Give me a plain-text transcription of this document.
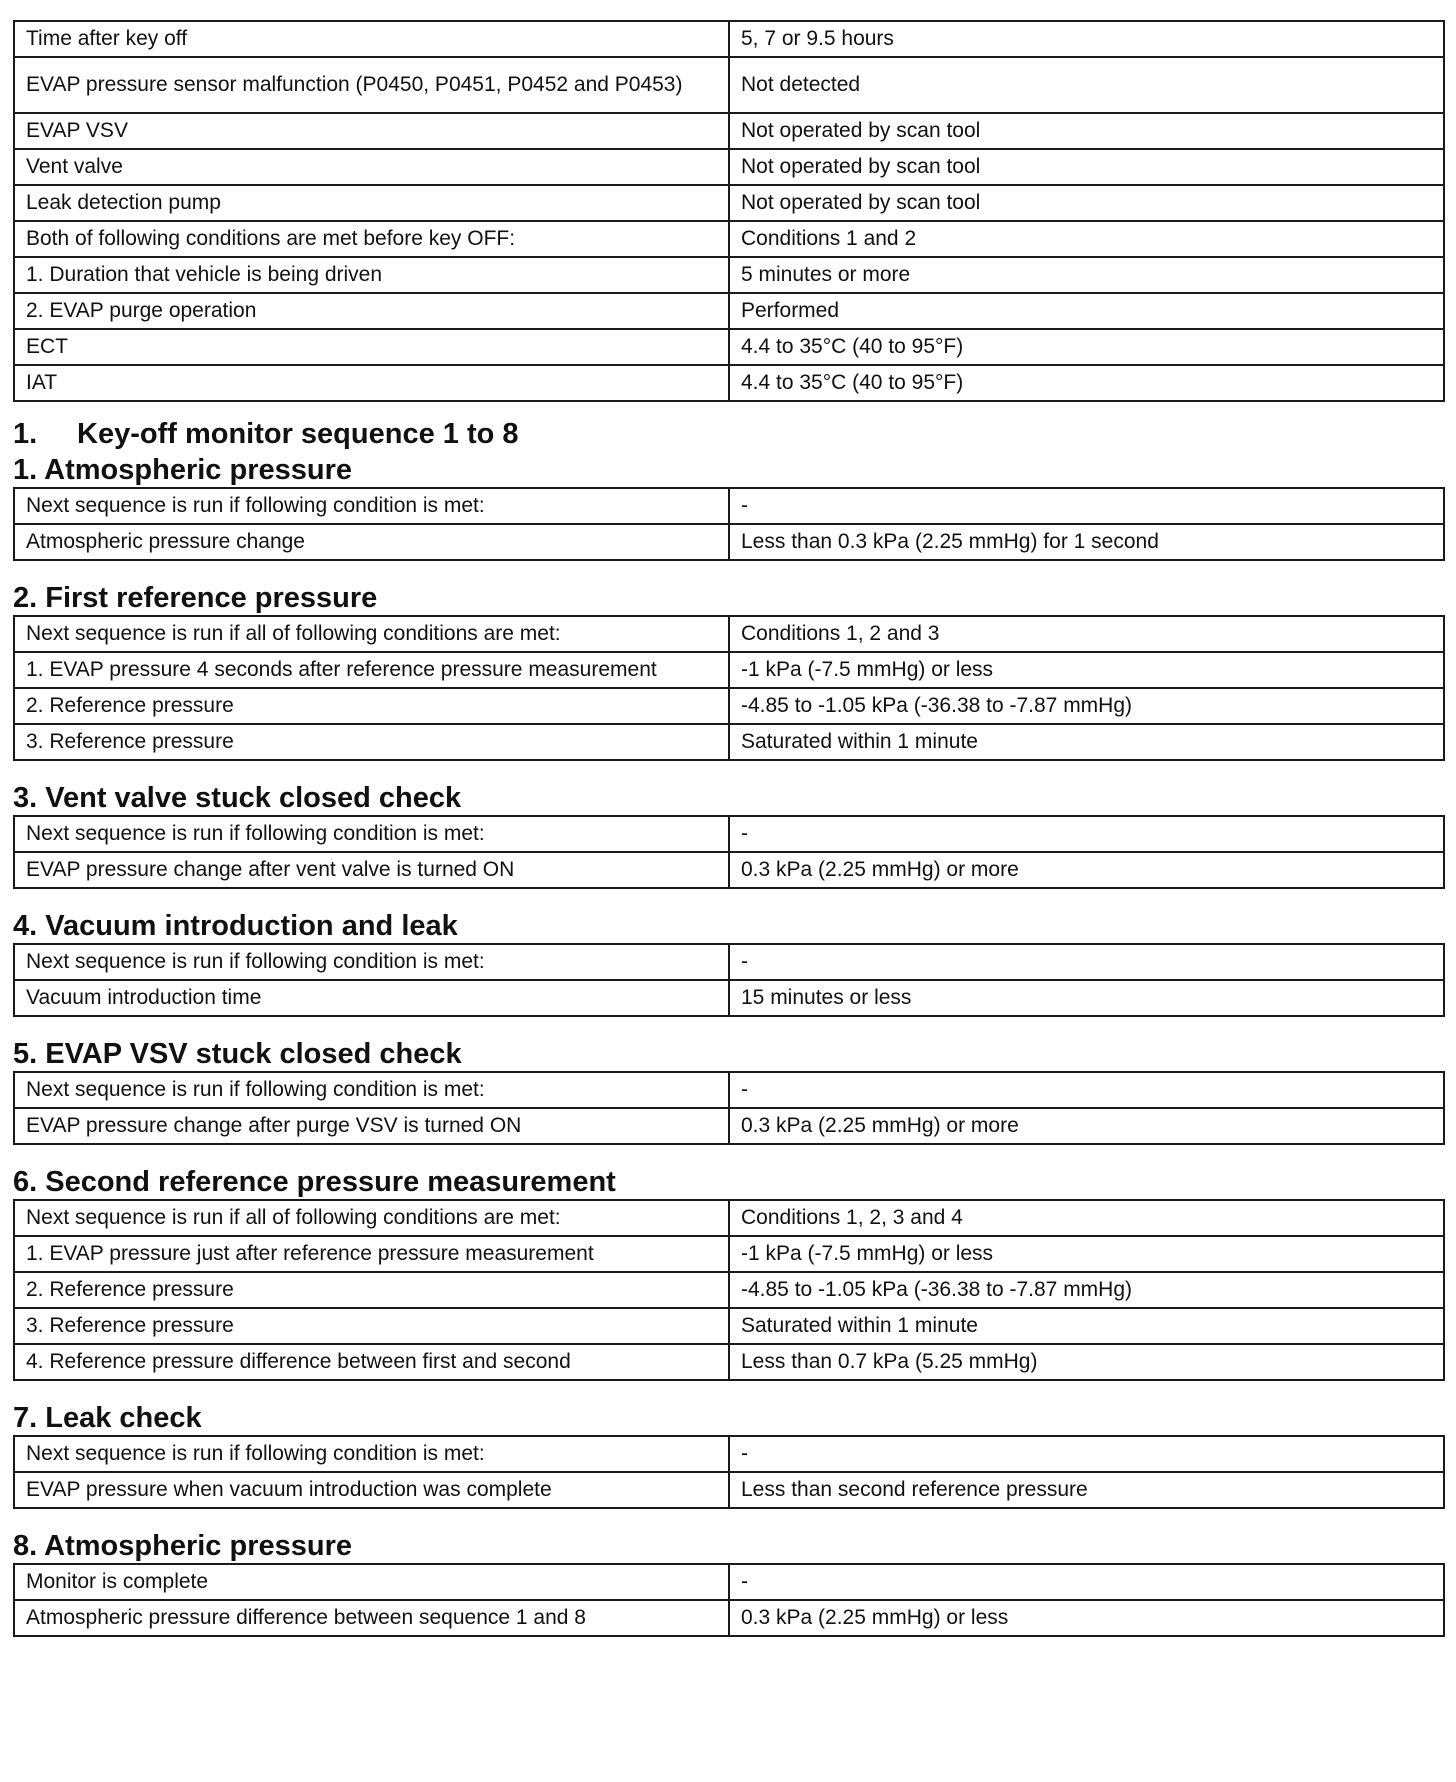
Time after key off	5, 7 or 9.5 hours
EVAP pressure sensor malfunction (P0450, P0451, P0452 and P0453)	Not detected
EVAP VSV	Not operated by scan tool
Vent valve	Not operated by scan tool
Leak detection pump	Not operated by scan tool
Both of following conditions are met before key OFF:	Conditions 1 and 2
1. Duration that vehicle is being driven	5 minutes or more
2. EVAP purge operation	Performed
ECT	4.4 to 35°C (40 to 95°F)
IAT	4.4 to 35°C (40 to 95°F)
1.	Key-off monitor sequence 1 to 8
1. Atmospheric pressure
Next sequence is run if following condition is met:	-
Atmospheric pressure change	Less than 0.3 kPa (2.25 mmHg) for 1 second
2. First reference pressure
Next sequence is run if all of following conditions are met:	Conditions 1, 2 and 3
1. EVAP pressure 4 seconds after reference pressure measurement	-1 kPa (-7.5 mmHg) or less
2. Reference pressure	-4.85 to -1.05 kPa (-36.38 to -7.87 mmHg)
3. Reference pressure	Saturated within 1 minute
3. Vent valve stuck closed check
Next sequence is run if following condition is met:	-
EVAP pressure change after vent valve is turned ON	0.3 kPa (2.25 mmHg) or more
4. Vacuum introduction and leak
Next sequence is run if following condition is met:	-
Vacuum introduction time	15 minutes or less
5. EVAP VSV stuck closed check
Next sequence is run if following condition is met:	-
EVAP pressure change after purge VSV is turned ON	0.3 kPa (2.25 mmHg) or more
6. Second reference pressure measurement
Next sequence is run if all of following conditions are met:	Conditions 1, 2, 3 and 4
1. EVAP pressure just after reference pressure measurement	-1 kPa (-7.5 mmHg) or less
2. Reference pressure	-4.85 to -1.05 kPa (-36.38 to -7.87 mmHg)
3. Reference pressure	Saturated within 1 minute
4. Reference pressure difference between first and second	Less than 0.7 kPa (5.25 mmHg)
7. Leak check
Next sequence is run if following condition is met:	-
EVAP pressure when vacuum introduction was complete	Less than second reference pressure
8. Atmospheric pressure
Monitor is complete	-
Atmospheric pressure difference between sequence 1 and 8	0.3 kPa (2.25 mmHg) or less
